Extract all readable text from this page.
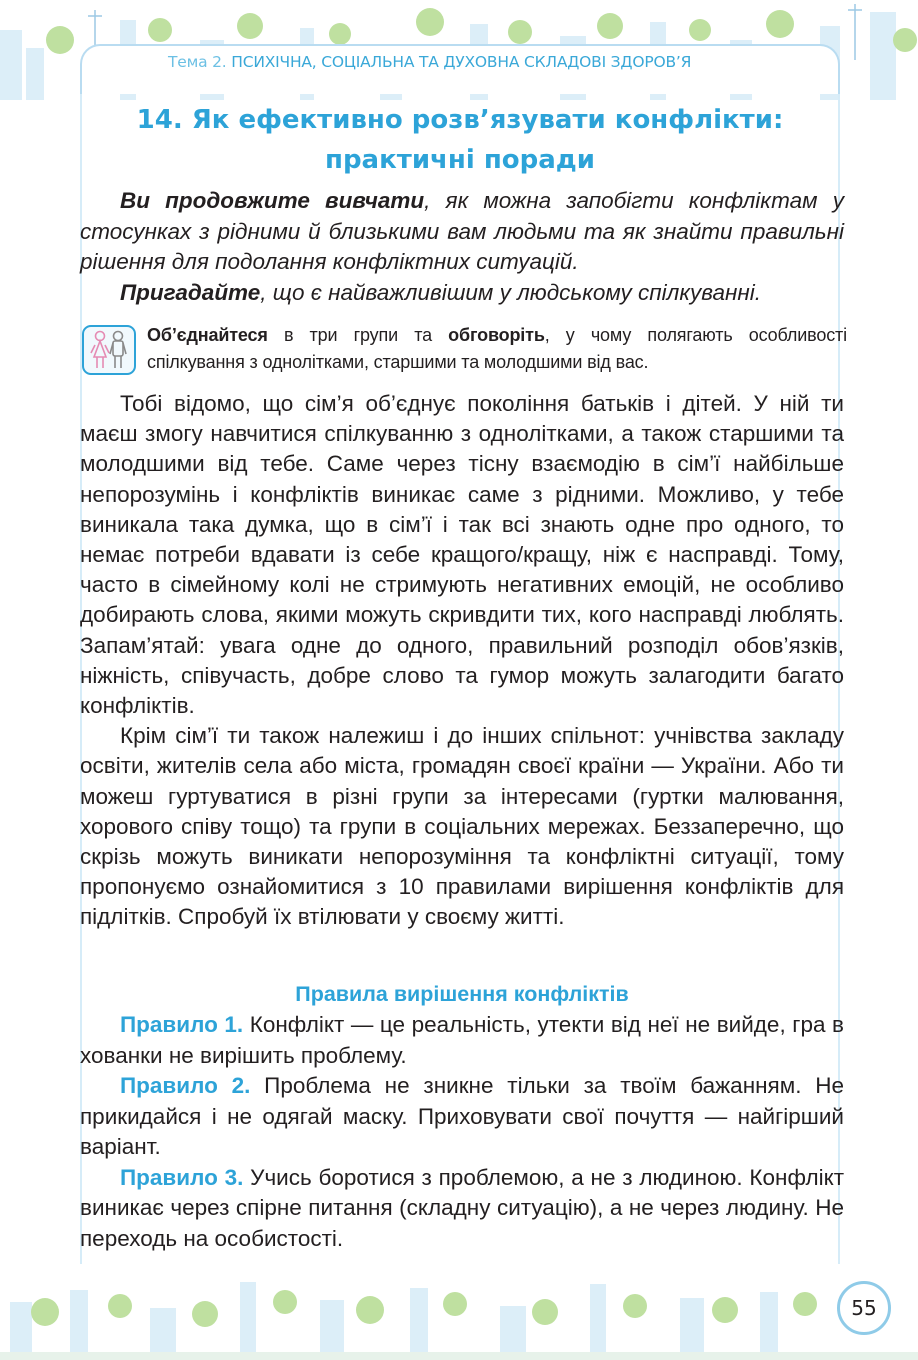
Тема 2. ПСИХІЧНА, СОЦІАЛЬНА ТА ДУХОВНА СКЛАДОВІ ЗДОРОВ’Я
14. Як ефективно розв’язувати конфлікти:
практичні поради

Ви продовжите вивчати, як можна запобігти конфліктам у стосунках з рідними й близькими вам людьми та як знайти правильні рішення для подолання конфліктних ситуацій.

Пригадайте, що є найважливішим у людському спілкуванні.

Об’єднайтеся в три групи та обговоріть, у чому полягають особливості спілкування з однолітками, старшими та молодшими від вас.

Тобі відомо, що сім’я об’єднує покоління батьків і дітей. У ній ти маєш змогу навчитися спілкуванню з однолітками, а також старшими та молодшими від тебе. Саме через тісну взаємодію в сім’ї найбільше непорозумінь і конфліктів виникає саме з рідними. Можливо, у тебе виникала така думка, що в сім’ї і так всі знають одне про одного, то немає потреби вдавати із себе кращого/кращу, ніж є насправді. Тому, часто в сімейному колі не стримують негативних емоцій, не особливо добирають слова, якими можуть скривдити тих, кого насправді люблять. Запам’ятай: увага одне до одного, правильний розподіл обов’язків, ніжність, співучасть, добре слово та гумор можуть залагодити багато конфліктів.

Крім сім’ї ти також належиш і до інших спільнот: учнівства закладу освіти, жителів села або міста, громадян своєї країни — України. Або ти можеш гуртуватися в різні групи за інтересами (гуртки малювання, хорового співу тощо) та групи в соціальних мережах. Беззаперечно, що скрізь можуть виникати непорозуміння та конфліктні ситуації, тому пропонуємо ознайомитися з 10 правилами вирішення конфліктів для підлітків. Спробуй їх втілювати у своєму житті.

Правила вирішення конфліктів

Правило 1. Конфлікт — це реальність, утекти від неї не вийде, гра в хованки не вирішить проблему.

Правило 2. Проблема не зникне тільки за твоїм бажанням. Не прикидайся і не одягай маску. Приховувати свої почуття — найгірший варіант.

Правило 3. Учись боротися з проблемою, а не з людиною. Конфлікт виникає через спірне питання (складну ситуацію), а не через людину. Не переходь на особистості.

55
